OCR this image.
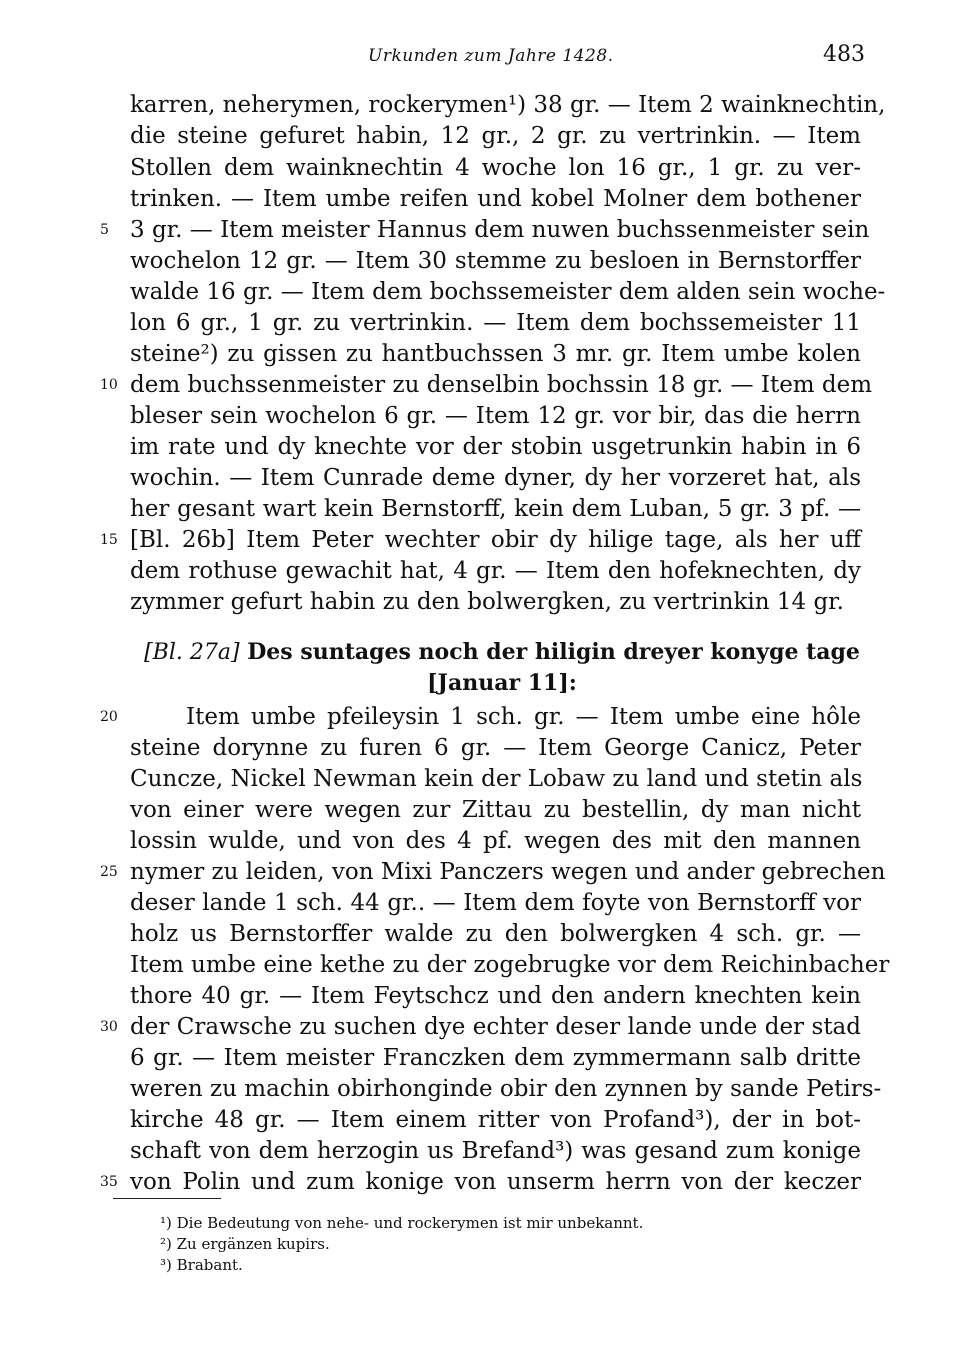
Urkunden zum Jahre 1428.	483
karren, neherymen, rockerymen¹) 38 gr. — Item 2 wainknechtin,
die steine gefuret habin, 12 gr., 2 gr. zu vertrinkin. — Item
Stollen dem wainknechtin 4 woche lon 16 gr., 1 gr. zu ver-
trinken. — Item umbe reifen und kobel Molner dem bothener
3 gr. — Item meister Hannus dem nuwen buchssenmeister sein
wochelon 12 gr. — Item 30 stemme zu besloen in Bernstorffer
walde 16 gr. — Item dem bochssemeister dem alden sein woche-
lon 6 gr., 1 gr. zu vertrinkin. — Item dem bochssemeister 11
steine²) zu gissen zu hantbuchssen 3 mr. gr. Item umbe kolen
dem buchssenmeister zu denselbin bochssin 18 gr. — Item dem
bleser sein wochelon 6 gr. — Item 12 gr. vor bir, das die herrn
im rate und dy knechte vor der stobin usgetrunkin habin in 6
wochin. — Item Cunrade deme dyner, dy her vorzeret hat, als
her gesant wart kein Bernstorff, kein dem Luban, 5 gr. 3 pf. —
[Bl. 26b] Item Peter wechter obir dy hilige tage, als her uff
dem rothuse gewachit hat, 4 gr. — Item den hofeknechten, dy
zymmer gefurt habin zu den bolwergken, zu vertrinkin 14 gr.
5
10
15
[Bl. 27a] Des suntages noch der hiligin dreyer konyge tage
[Januar 11]:
Item umbe pfeileysin 1 sch. gr. — Item umbe eine hôle
steine dorynne zu furen 6 gr. — Item George Canicz, Peter
Cuncze, Nickel Newman kein der Lobaw zu land und stetin als
von einer were wegen zur Zittau zu bestellin, dy man nicht
lossin wulde, und von des 4 pf. wegen des mit den mannen
nymer zu leiden, von Mixi Panczers wegen und ander gebrechen
deser lande 1 sch. 44 gr.. — Item dem foyte von Bernstorff vor
holz us Bernstorffer walde zu den bolwergken 4 sch. gr. —
Item umbe eine kethe zu der zogebrugke vor dem Reichinbacher
thore 40 gr. — Item Feytschcz und den andern knechten kein
der Crawsche zu suchen dye echter deser lande unde der stad
6 gr. — Item meister Franczken dem zymmermann salb dritte
weren zu machin obirhonginde obir den zynnen by sande Petirs-
kirche 48 gr. — Item einem ritter von Profand³), der in bot-
schaft von dem herzogin us Brefand³) was gesand zum konige
von Polin und zum konige von unserm herrn von der keczer
20
25
30
35
¹) Die Bedeutung von nehe- und rockerymen ist mir unbekannt.
²) Zu ergänzen kupirs.
³) Brabant.
